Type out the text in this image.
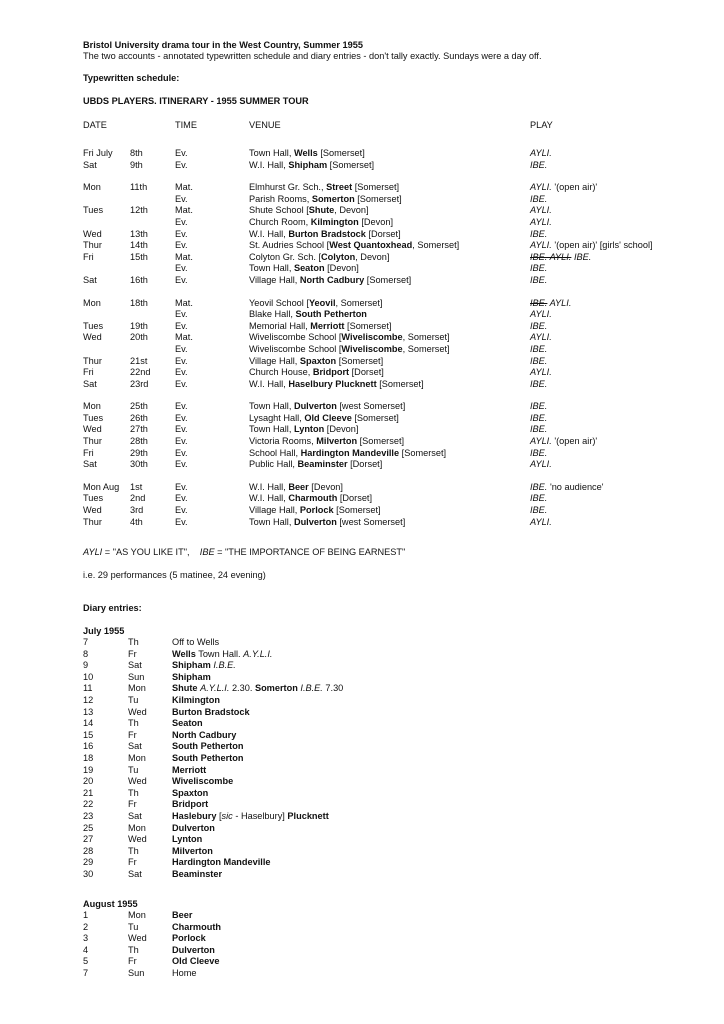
Bristol University drama tour in the West Country, Summer 1955
The two accounts - annotated typewritten schedule and diary entries - don't tally exactly. Sundays were a day off.
Typewritten schedule:
UBDS PLAYERS. ITINERARY - 1955 SUMMER TOUR
DATE	TIME	VENUE	PLAY
Fri July 8th	Ev.	Town Hall, Wells [Somerset]	AYLI.
Sat	9th	Ev.	W.I. Hall, Shipham [Somerset]	IBE.
Mon	11th	Mat.	Elmhurst Gr. Sch., Street [Somerset]	AYLI. '(open air)'
Ev.	Parish Rooms, Somerton [Somerset]	IBE.
Tues	12th	Mat.	Shute School [Shute, Devon]	AYLI.
Ev.	Church Room, Kilmington [Devon]	AYLI.
Wed	13th	Ev.	W.I. Hall, Burton Bradstock [Dorset]	IBE.
Thur	14th	Ev.	St. Audries School [West Quantoxhead, Somerset]	AYLI. '(open air)' [girls' school]
Fri	15th	Mat.	Colyton Gr. Sch. [Colyton, Devon]	IBE. AYLI. IBE.
Ev.	Town Hall, Seaton [Devon]	IBE.
Sat	16th	Ev.	Village Hall, North Cadbury [Somerset]	IBE.
Mon	18th	Mat.	Yeovil School [Yeovil, Somerset]	IBE. AYLI.
Ev.	Blake Hall, South Petherton	AYLI.
Tues	19th	Ev.	Memorial Hall, Merriott [Somerset]	IBE.
Wed	20th	Mat.	Wiveliscombe School [Wiveliscombe, Somerset]	AYLI.
Ev.	Wiveliscombe School [Wiveliscombe, Somerset]	IBE.
Thur	21st	Ev.	Village Hall, Spaxton [Somerset]	IBE.
Fri	22nd	Ev.	Church House, Bridport [Dorset]	AYLI.
Sat	23rd	Ev.	W.I. Hall, Haselbury Plucknett [Somerset]	IBE.
Mon	25th	Ev.	Town Hall, Dulverton [west Somerset]	IBE.
Tues	26th	Ev.	Lysaght Hall, Old Cleeve [Somerset]	IBE.
Wed	27th	Ev.	Town Hall, Lynton [Devon]	IBE.
Thur	28th	Ev.	Victoria Rooms, Milverton [Somerset]	AYLI. '(open air)'
Fri	29th	Ev.	School Hall, Hardington Mandeville [Somerset]	IBE.
Sat	30th	Ev.	Public Hall, Beaminster [Dorset]	AYLI.
Mon Aug 1st	Ev.	W.I. Hall, Beer [Devon]	IBE. 'no audience'
Tues	2nd	Ev.	W.I. Hall, Charmouth [Dorset]	IBE.
Wed	3rd	Ev.	Village Hall, Porlock [Somerset]	IBE.
Thur	4th	Ev.	Town Hall, Dulverton [west Somerset]	AYLI.
AYLI = "AS YOU LIKE IT", IBE = "THE IMPORTANCE OF BEING EARNEST"
i.e. 29 performances (5 matinee, 24 evening)
Diary entries:
July 1955
7	Th	Off to Wells
8	Fr	Wells Town Hall. A.Y.L.I.
9	Sat	Shipham I.B.E.
10	Sun	Shipham
11	Mon	Shute A.Y.L.I. 2.30. Somerton I.B.E. 7.30
12	Tu	Kilmington
13	Wed	Burton Bradstock
14	Th	Seaton
15	Fr	North Cadbury
16	Sat	South Petherton
18	Mon	South Petherton
19	Tu	Merriott
20	Wed	Wiveliscombe
21	Th	Spaxton
22	Fr	Bridport
23	Sat	Haslebury [sic - Haselbury] Plucknett
25	Mon	Dulverton
27	Wed	Lynton
28	Th	Milverton
29	Fr	Hardington Mandeville
30	Sat	Beaminster
August 1955
1	Mon	Beer
2	Tu	Charmouth
3	Wed	Porlock
4	Th	Dulverton
5	Fr	Old Cleeve
7	Sun	Home
